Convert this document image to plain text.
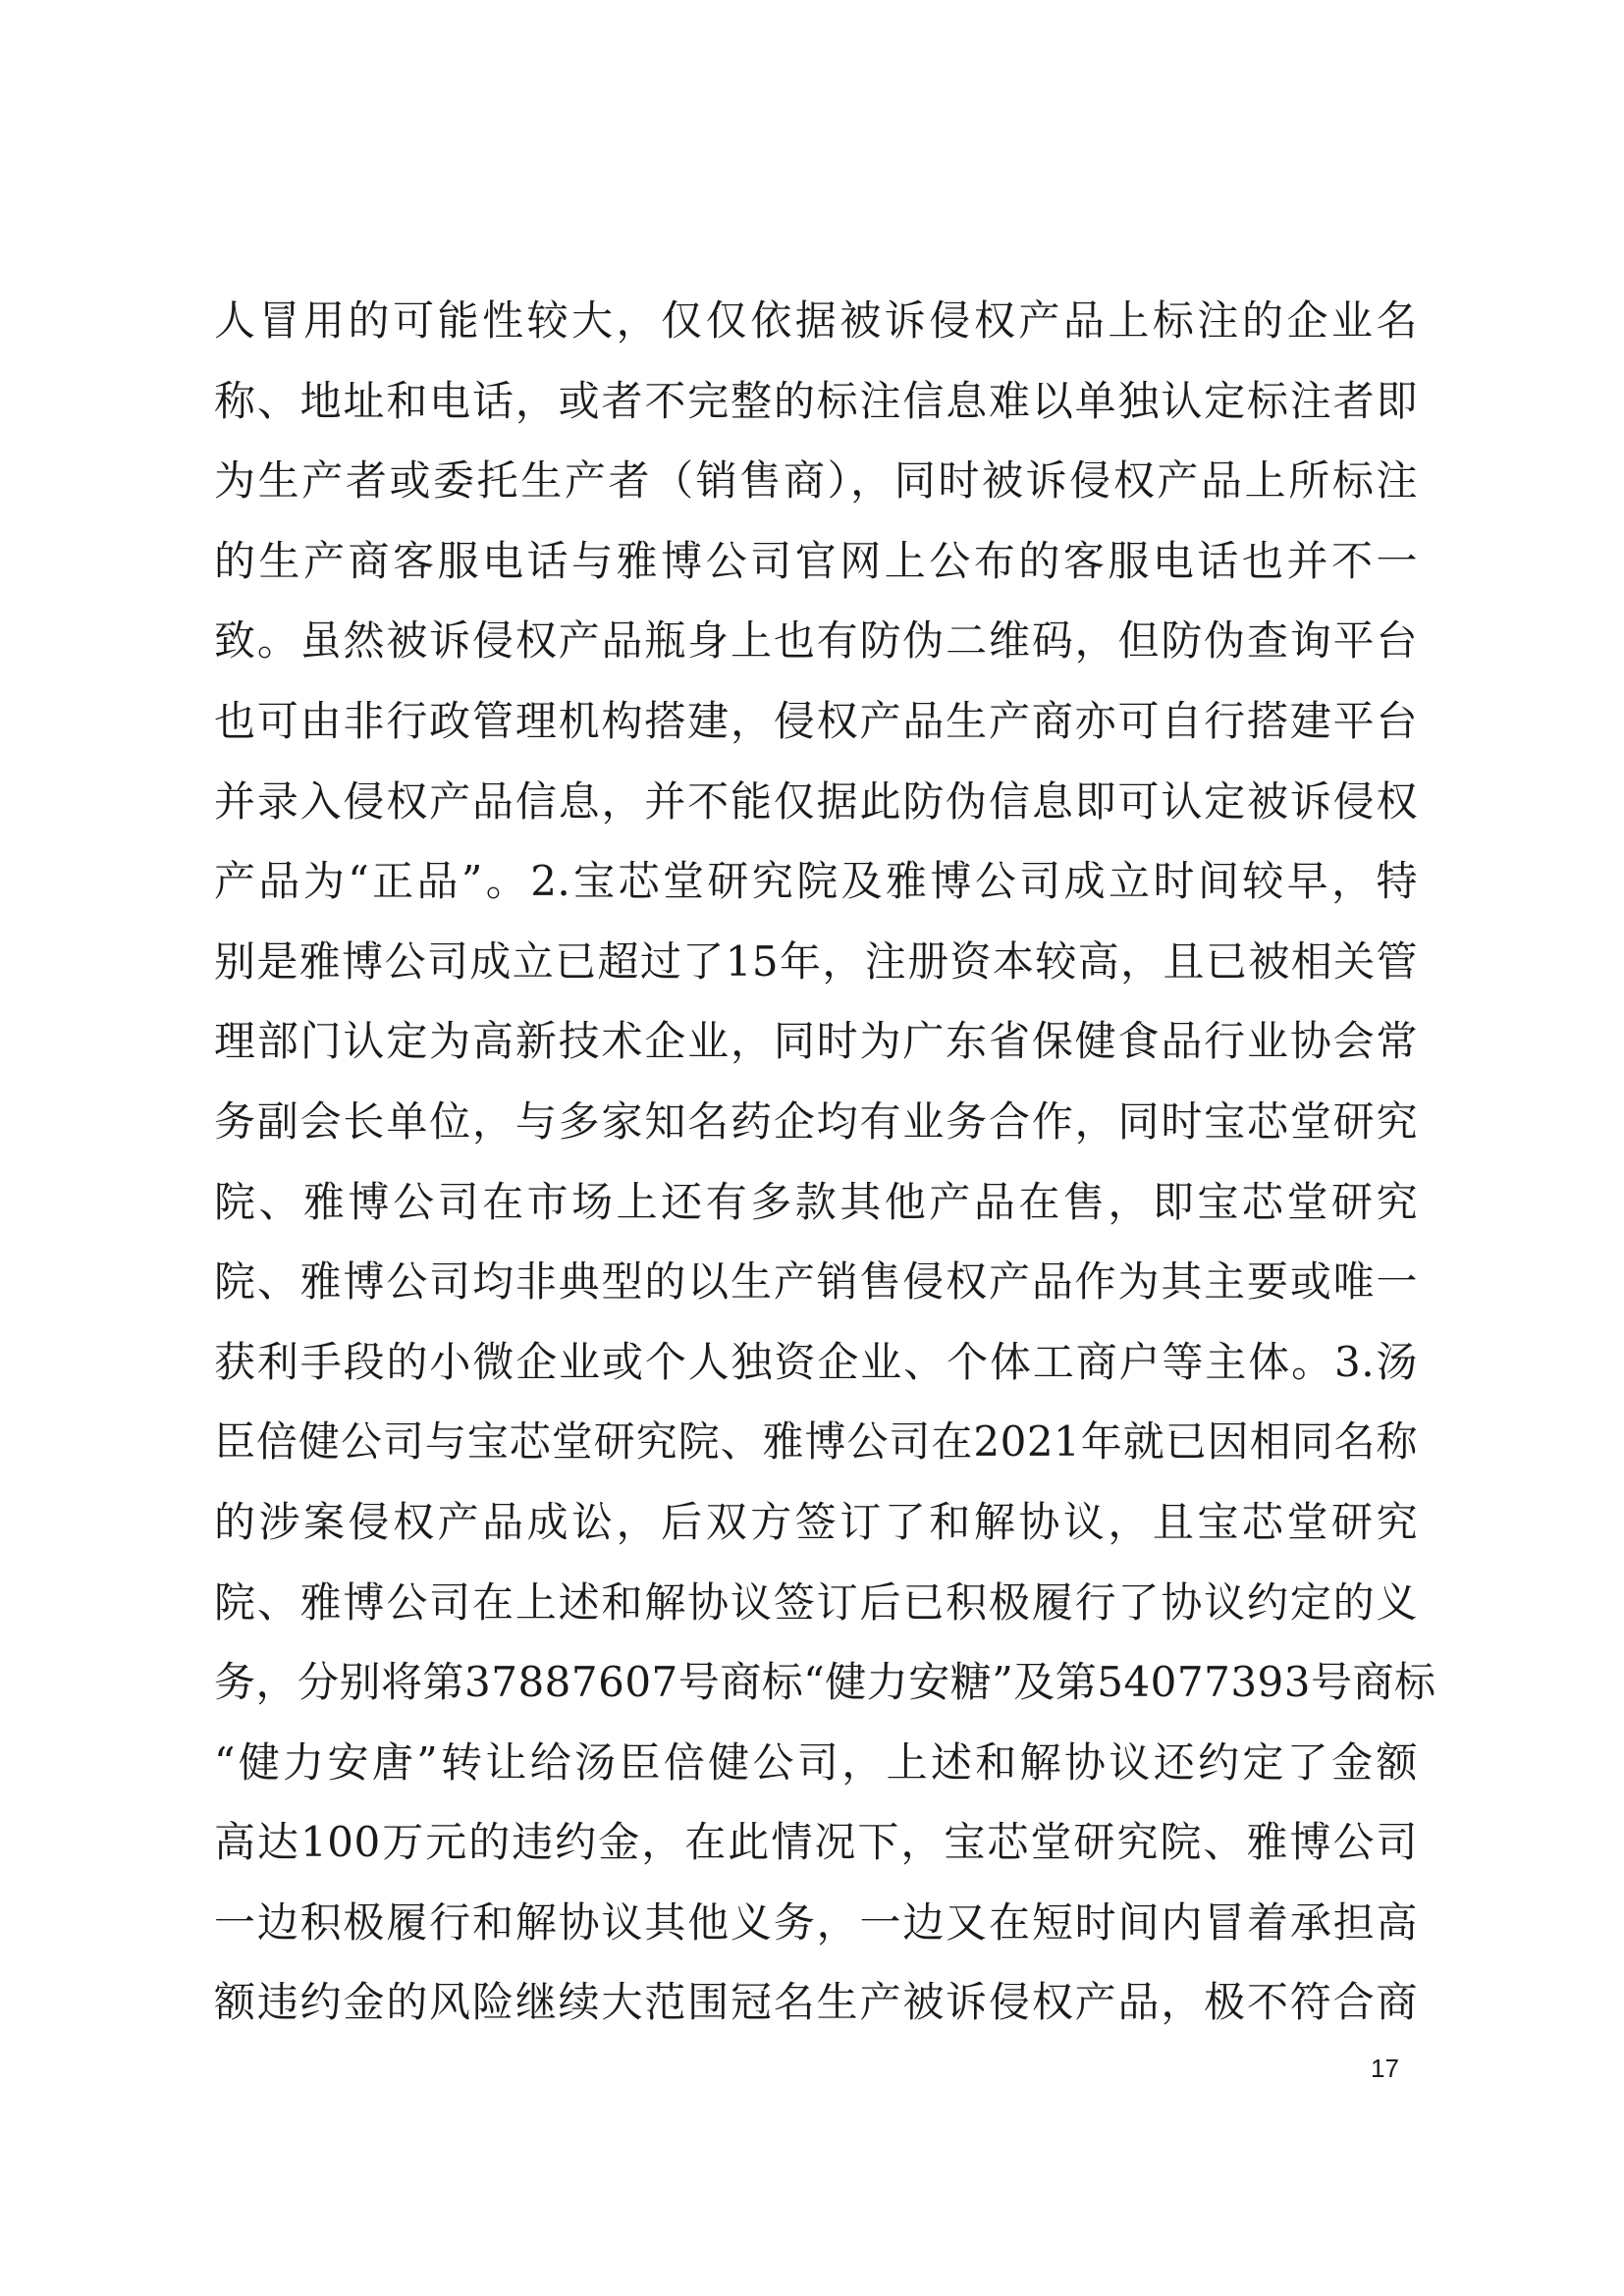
人冒用的可能性较大，仅仅依据被诉侵权产品上标注的企业名
称、地址和电话，或者不完整的标注信息难以单独认定标注者即
为生产者或委托生产者（销售商），同时被诉侵权产品上所标注
的生产商客服电话与雅博公司官网上公布的客服电话也并不一
致。虽然被诉侵权产品瓶身上也有防伪二维码，但防伪查询平台
也可由非行政管理机构搭建，侵权产品生产商亦可自行搭建平台
并录入侵权产品信息，并不能仅据此防伪信息即可认定被诉侵权
产品为“正品”。2.宝芯堂研究院及雅博公司成立时间较早，特
别是雅博公司成立已超过了15年，注册资本较高，且已被相关管
理部门认定为高新技术企业，同时为广东省保健食品行业协会常
务副会长单位，与多家知名药企均有业务合作，同时宝芯堂研究
院、雅博公司在市场上还有多款其他产品在售，即宝芯堂研究
院、雅博公司均非典型的以生产销售侵权产品作为其主要或唯一
获利手段的小微企业或个人独资企业、个体工商户等主体。3.汤
臣倍健公司与宝芯堂研究院、雅博公司在2021年就已因相同名称
的涉案侵权产品成讼，后双方签订了和解协议，且宝芯堂研究
院、雅博公司在上述和解协议签订后已积极履行了协议约定的义
务，分别将第37887607号商标“健力安糖”及第54077393号商标
“健力安唐”转让给汤臣倍健公司，上述和解协议还约定了金额
高达100万元的违约金，在此情况下，宝芯堂研究院、雅博公司
一边积极履行和解协议其他义务，一边又在短时间内冒着承担高
额违约金的风险继续大范围冠名生产被诉侵权产品，极不符合商
17
